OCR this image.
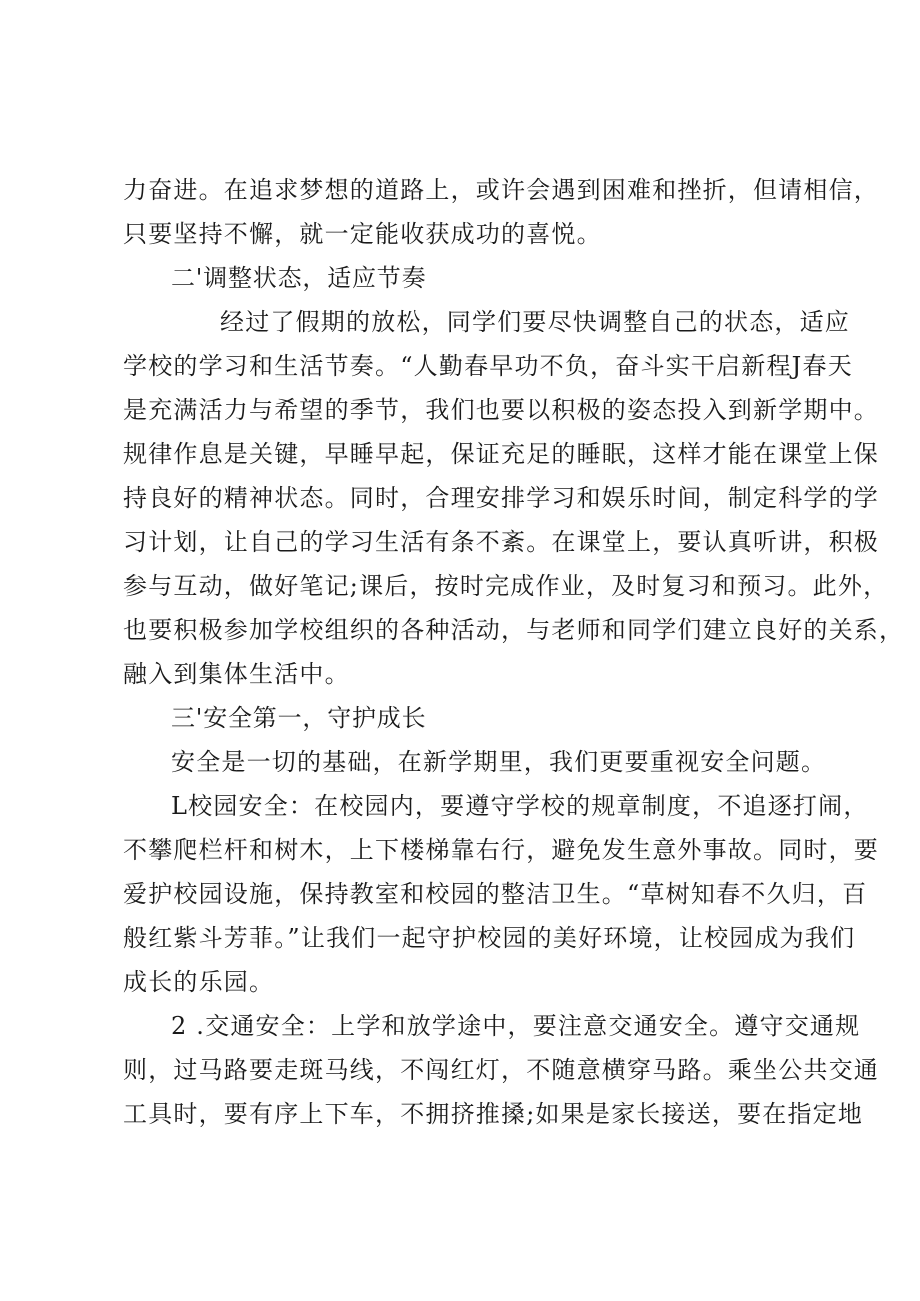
力奋进。在追求梦想的道路上，或许会遇到困难和挫折，但请相信，
只要坚持不懈，就一定能收获成功的喜悦。
二'调整状态，适应节奏
经过了假期的放松，同学们要尽快调整自己的状态，适应
学校的学习和生活节奏。“人勤春早功不负，奋斗实干启新程J春天
是充满活力与希望的季节，我们也要以积极的姿态投入到新学期中。
规律作息是关键，早睡早起，保证充足的睡眠，这样才能在课堂上保
持良好的精神状态。同时，合理安排学习和娱乐时间，制定科学的学
习计划，让自己的学习生活有条不紊。在课堂上，要认真听讲，积极
参与互动，做好笔记;课后，按时完成作业，及时复习和预习。此外，
也要积极参加学校组织的各种活动，与老师和同学们建立良好的关系，
融入到集体生活中。
三'安全第一，守护成长
安全是一切的基础，在新学期里，我们更要重视安全问题。
L校园安全：在校园内，要遵守学校的规章制度，不追逐打闹，
不攀爬栏杆和树木，上下楼梯靠右行，避免发生意外事故。同时，要
爱护校园设施，保持教室和校园的整洁卫生。“草树知春不久归，百
般红紫斗芳菲。”让我们一起守护校园的美好环境，让校园成为我们
成长的乐园。
2 .交通安全：上学和放学途中，要注意交通安全。遵守交通规
则，过马路要走斑马线，不闯红灯，不随意横穿马路。乘坐公共交通
工具时，要有序上下车，不拥挤推搡;如果是家长接送，要在指定地
